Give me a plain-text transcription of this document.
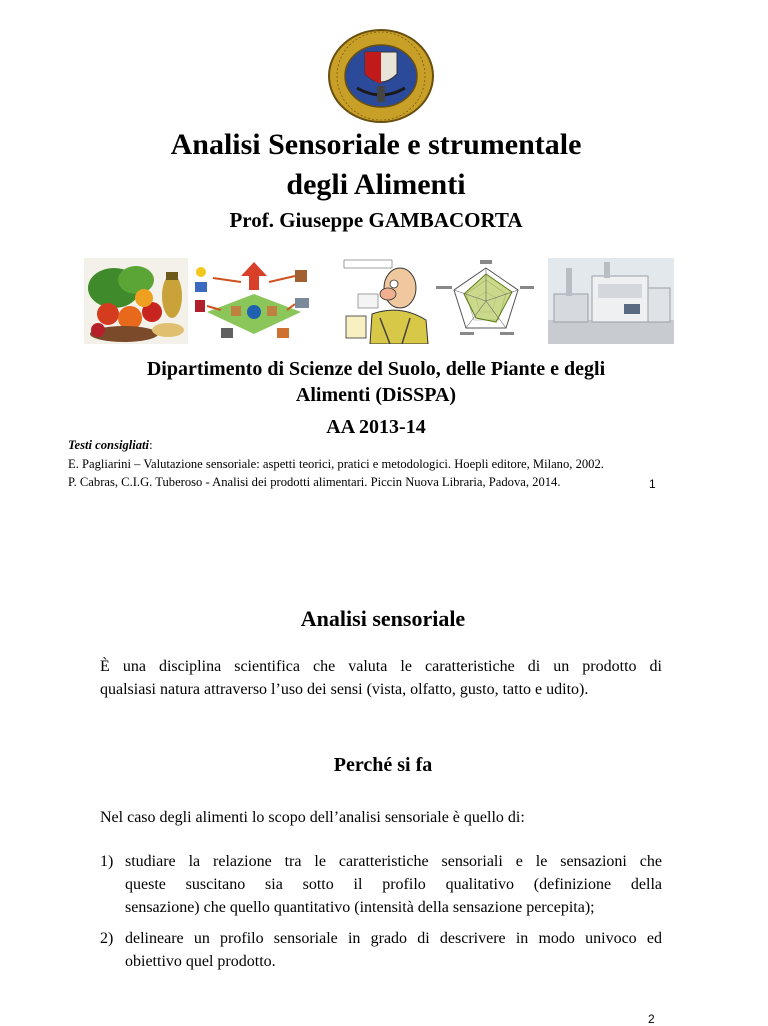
Analisi Sensoriale e strumentale
degli Alimenti
Prof. Giuseppe GAMBACORTA
Dipartimento di Scienze del Suolo, delle Piante e degli
Alimenti (DiSSPA)
AA 2013-14
Testi consigliati:
E. Pagliarini – Valutazione sensoriale: aspetti teorici, pratici e metodologici. Hoepli editore, Milano, 2002.
P. Cabras, C.I.G. Tuberoso - Analisi dei prodotti alimentari. Piccin Nuova Libraria, Padova, 2014.	1
Analisi sensoriale
È una disciplina scientifica che valuta le caratteristiche di un prodotto di
qualsiasi natura attraverso l’uso dei sensi (vista, olfatto, gusto, tatto e udito).
Perché si fa
Nel caso degli alimenti lo scopo dell’analisi sensoriale è quello di:
1) studiare la relazione tra le caratteristiche sensoriali e le sensazioni che
queste suscitano sia sotto il profilo qualitativo (definizione della
sensazione) che quello quantitativo (intensità della sensazione percepita);
2) delineare un profilo sensoriale in grado di descrivere in modo univoco ed
obiettivo quel prodotto.
2
